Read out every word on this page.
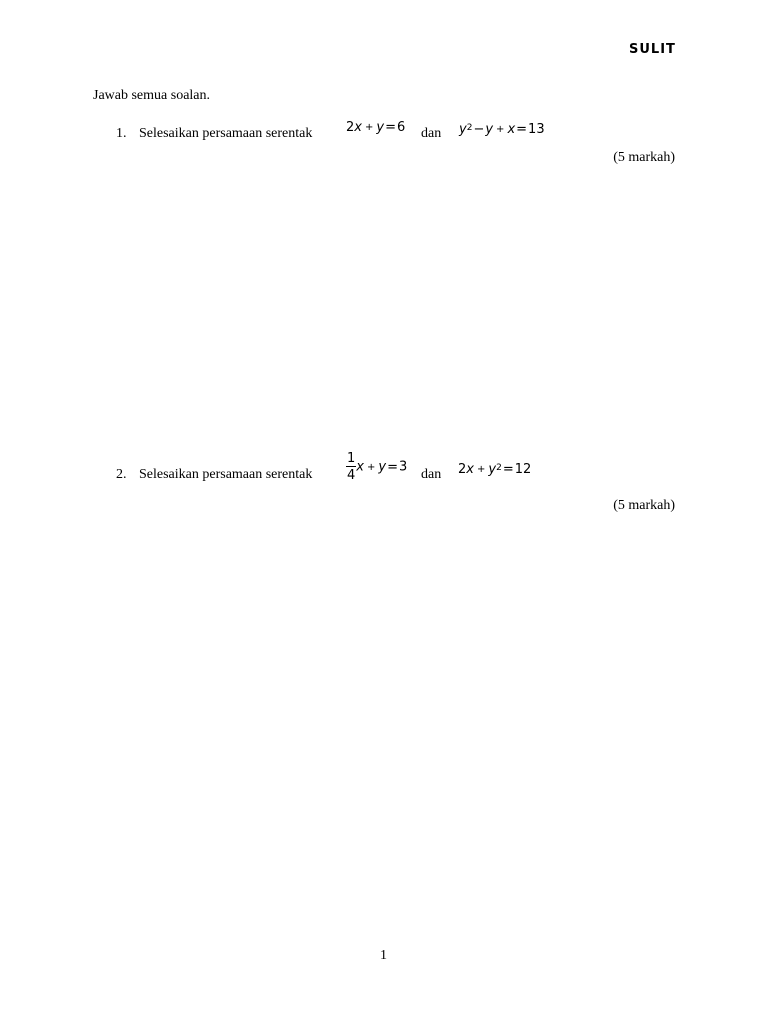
SULIT
Jawab semua soalan.
1. Selesaikan persamaan serentak	2x + y=6 dan $y^2-y + x=13$
(5 markah)
2. Selesaikan persamaan serentak	$\frac{1}{4}$ x + y=3 dan $2x + y^2=12$
(5 markah)
1
